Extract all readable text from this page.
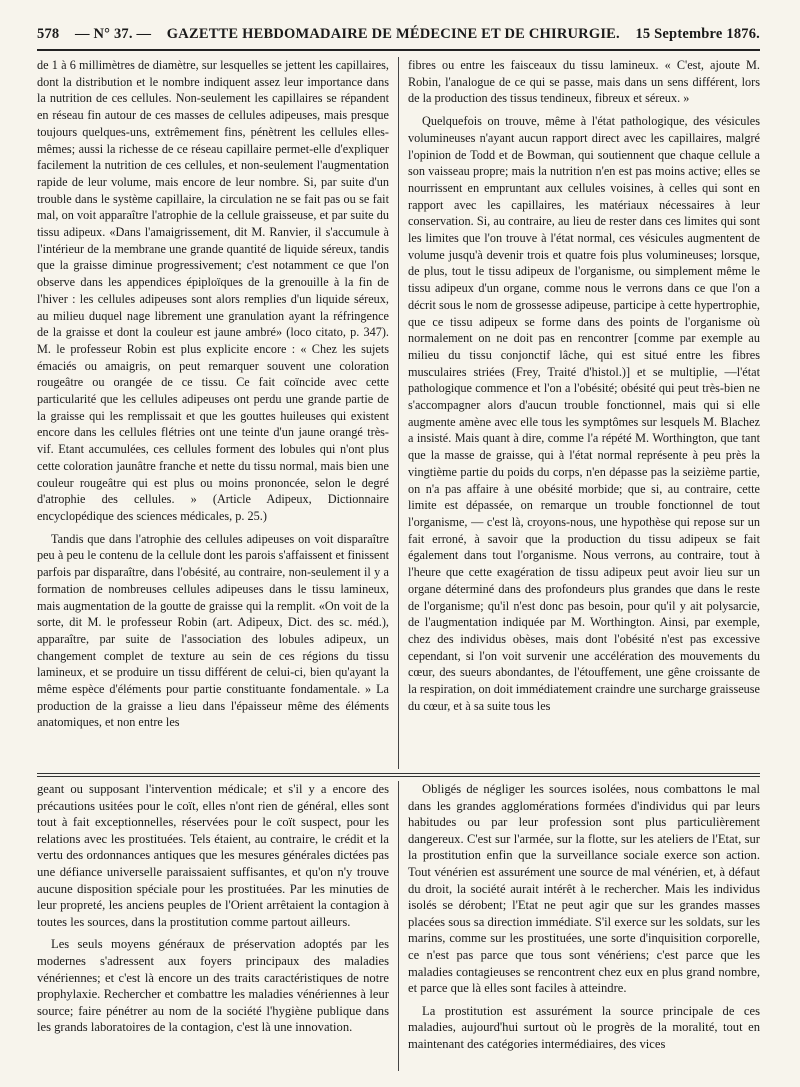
578 — N° 37. — GAZETTE HEBDOMADAIRE DE MÉDECINE ET DE CHIRURGIE. 15 Septembre 1876.

de 1 à 6 millimètres de diamètre, sur lesquelles se jettent les capillaires, dont la distribution et le nombre indiquent assez leur importance dans la nutrition de ces cellules. Non-seulement les capillaires se répandent en réseau fin autour de ces masses de cellules adipeuses, mais presque toujours quelques-uns, extrêmement fins, pénètrent les cellules elles-mêmes; aussi la richesse de ce réseau capillaire permet-elle d'expliquer facilement la nutrition de ces cellules, et non-seulement l'augmentation rapide de leur volume, mais encore de leur nombre. Si, par suite d'un trouble dans le système capillaire, la circulation ne se fait pas ou se fait mal, on voit apparaître l'atrophie de la cellule graisseuse, et par suite du tissu adipeux. «Dans l'amaigrissement, dit M. Ranvier, il s'accumule à l'intérieur de la membrane une grande quantité de liquide séreux, tandis que la graisse diminue progressivement; c'est notamment ce que l'on observe dans les appendices épiploïques de la grenouille à la fin de l'hiver : les cellules adipeuses sont alors remplies d'un liquide séreux, au milieu duquel nage librement une granulation ayant la réfringence de la graisse et dont la couleur est jaune ambré» (loco citato, p. 347). M. le professeur Robin est plus explicite encore : « Chez les sujets émaciés ou amaigris, on peut remarquer souvent une coloration rougeâtre ou orangée de ce tissu. Ce fait coïncide avec cette particularité que les cellules adipeuses ont perdu une grande partie de la graisse qui les remplissait et que les gouttes huileuses qui existent encore dans les cellules flétries ont une teinte d'un jaune orangé très-vif. Etant accumulées, ces cellules forment des lobules qui n'ont plus cette coloration jaunâtre franche et nette du tissu normal, mais bien une couleur rougeâtre qui est plus ou moins prononcée, selon le degré d'atrophie des cellules. » (Article Adipeux, Dictionnaire encyclopédique des sciences médicales, p. 25.)

Tandis que dans l'atrophie des cellules adipeuses on voit disparaître peu à peu le contenu de la cellule dont les parois s'affaissent et finissent parfois par disparaître, dans l'obésité, au contraire, non-seulement il y a formation de nombreuses cellules adipeuses dans le tissu lamineux, mais augmentation de la goutte de graisse qui la remplit. «On voit de la sorte, dit M. le professeur Robin (art. Adipeux, Dict. des sc. méd.), apparaître, par suite de l'association des lobules adipeux, un changement complet de texture au sein de ces régions du tissu lamineux, et se produire un tissu différent de celui-ci, bien qu'ayant la même espèce d'éléments pour partie constituante fondamentale. » La production de la graisse a lieu dans l'épaisseur même des éléments anatomiques, et non entre les

fibres ou entre les faisceaux du tissu lamineux. « C'est, ajoute M. Robin, l'analogue de ce qui se passe, mais dans un sens différent, lors de la production des tissus tendineux, fibreux et séreux. »

Quelquefois on trouve, même à l'état pathologique, des vésicules volumineuses n'ayant aucun rapport direct avec les capillaires, malgré l'opinion de Todd et de Bowman, qui soutiennent que chaque cellule a son vaisseau propre; mais la nutrition n'en est pas moins active; elles se nourrissent en empruntant aux cellules voisines, à celles qui sont en rapport avec les capillaires, les matériaux nécessaires à leur conservation. Si, au contraire, au lieu de rester dans ces limites qui sont les limites que l'on trouve à l'état normal, ces vésicules augmentent de volume jusqu'à devenir trois et quatre fois plus volumineuses; lorsque, de plus, tout le tissu adipeux de l'organisme, ou simplement même le tissu adipeux d'un organe, comme nous le verrons dans ce que l'on a décrit sous le nom de grossesse adipeuse, participe à cette hypertrophie, que ce tissu adipeux se forme dans des points de l'organisme où normalement on ne doit pas en rencontrer [comme par exemple au milieu du tissu conjonctif lâche, qui est situé entre les fibres musculaires striées (Frey, Traité d'histol.)] et se multiplie, —l'état pathologique commence et l'on a l'obésité; obésité qui peut très-bien ne s'accompagner alors d'aucun trouble fonctionnel, mais qui si elle augmente amène avec elle tous les symptômes sur lesquels M. Blachez a insisté. Mais quant à dire, comme l'a répété M. Worthington, que tant que la masse de graisse, qui à l'état normal représente à peu près la vingtième partie du poids du corps, n'en dépasse pas la seizième partie, on n'a pas affaire à une obésité morbide; que si, au contraire, cette limite est dépassée, on remarque un trouble fonctionnel de tout l'organisme, — c'est là, croyons-nous, une hypothèse qui repose sur un fait erroné, à savoir que la production du tissu adipeux se fait également dans tout l'organisme. Nous verrons, au contraire, tout à l'heure que cette exagération de tissu adipeux peut avoir lieu sur un organe déterminé dans des profondeurs plus grandes que dans le reste de l'organisme; qu'il n'est donc pas besoin, pour qu'il y ait polysarcie, de l'augmentation indiquée par M. Worthington. Ainsi, par exemple, chez des individus obèses, mais dont l'obésité n'est pas excessive cependant, si l'on voit survenir une accélération des mouvements du cœur, des sueurs abondantes, de l'étouffement, une gêne croissante de la respiration, on doit immédiatement craindre une surcharge graisseuse du cœur, et à sa suite tous les

geant ou supposant l'intervention médicale; et s'il y a encore des précautions usitées pour le coït, elles n'ont rien de général, elles sont tout à fait exceptionnelles, réservées pour le coït suspect, pour les relations avec les prostituées. Tels étaient, au contraire, le crédit et la vertu des ordonnances antiques que les mesures générales dictées pas une défiance universelle paraissaient suffisantes, et qu'on n'y trouve aucune disposition spéciale pour les prostituées. Par les minuties de leur propreté, les anciens peuples de l'Orient arrêtaient la contagion à toutes les sources, dans la prostitution comme partout ailleurs.

Les seuls moyens généraux de préservation adoptés par les modernes s'adressent aux foyers principaux des maladies vénériennes; et c'est là encore un des traits caractéristiques de notre prophylaxie. Rechercher et combattre les maladies vénériennes à leur source; faire pénétrer au nom de la société l'hygiène publique dans les grands laboratoires de la contagion, c'est là une innovation.

Obligés de négliger les sources isolées, nous combattons le mal dans les grandes agglomérations formées d'individus qui par leurs habitudes ou par leur profession sont plus particulièrement dangereux. C'est sur l'armée, sur la flotte, sur les ateliers de l'Etat, sur la prostitution enfin que la surveillance sociale exerce son action. Tout vénérien est assurément une source de mal vénérien, et, à défaut du droit, la société aurait intérêt à le rechercher. Mais les individus isolés se dérobent; l'Etat ne peut agir que sur les grandes masses placées sous sa direction immédiate. S'il exerce sur les soldats, sur les marins, comme sur les prostituées, une sorte d'inquisition corporelle, ce n'est pas parce que tous sont vénériens; c'est parce que les maladies contagieuses se rencontrent chez eux en plus grand nombre, et parce que là elles sont faciles à atteindre.

La prostitution est assurément la source principale de ces maladies, aujourd'hui surtout où le progrès de la moralité, tout en maintenant des catégories intermédiaires, des vices
